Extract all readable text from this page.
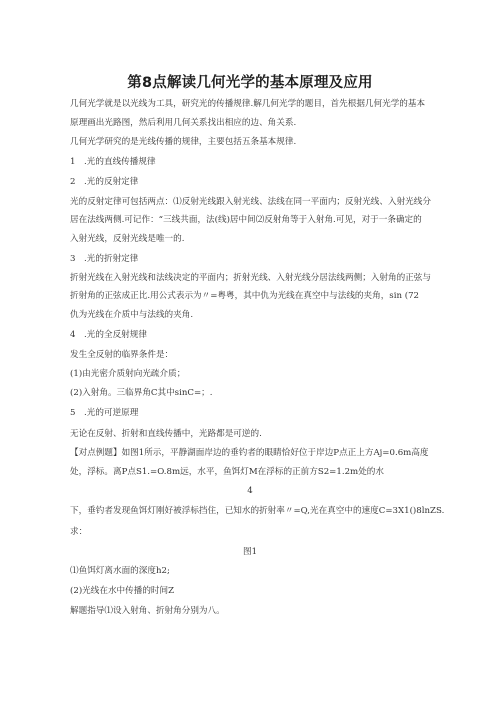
第8点解读几何光学的基本原理及应用
几何光学就是以光线为工具，研究光的传播规律.解几何光学的题目，首先根据几何光学的基本
原理画出光路图，然后利用几何关系找出相应的边、角关系.
几何光学研究的是光线传播的规律，主要包括五条基本规律.
1 .光的直线传播规律
2 .光的反射定律
光的反射定律可包括两点：⑴反射光线跟入射光线、法线在同一平面内；反射光线、入射光线分
居在法线两侧.可记作：“三线共面，法(线)居中间⑵反射角等于入射角.可见，对于一条确定的
入射光线，反射光线是唯一的.
3 .光的折射定律
折射光线在入射光线和法线决定的平面内；折射光线、入射光线分居法线两侧；入射角的正弦与
折射角的正弦成正比.用公式表示为〃=粤粤，其中仇为光线在真空中与法线的夹角，sin (72
仇为光线在介质中与法线的夹角.
4 .光的全反射规律
发生全反射的临界条件是：
(1)由光密介质射向光疏介质；
(2)入射角。三临界角C其中sinC=；.
5 .光的可逆原理
无论在反射、折射和直线传播中，光路都是可逆的.
【对点例题】如图1所示，平静湖面岸边的垂钓者的眼睛恰好位于岸边P点正上方Aj=0.6m高度
处，浮标。离P点S1.=O.8m远，水平，鱼饵灯M在浮标的正前方S2=1.2m处的水
4
下，垂钓者发现鱼饵灯刚好被浮标挡住，已知水的折射率〃=Q,光在真空中的速度C=3X1()8lnZS.
求：
图1
⑴鱼饵灯离水面的深度h2;
(2)光线在水中传播的时间Z
解题指导⑴设入射角、折射角分别为八。
